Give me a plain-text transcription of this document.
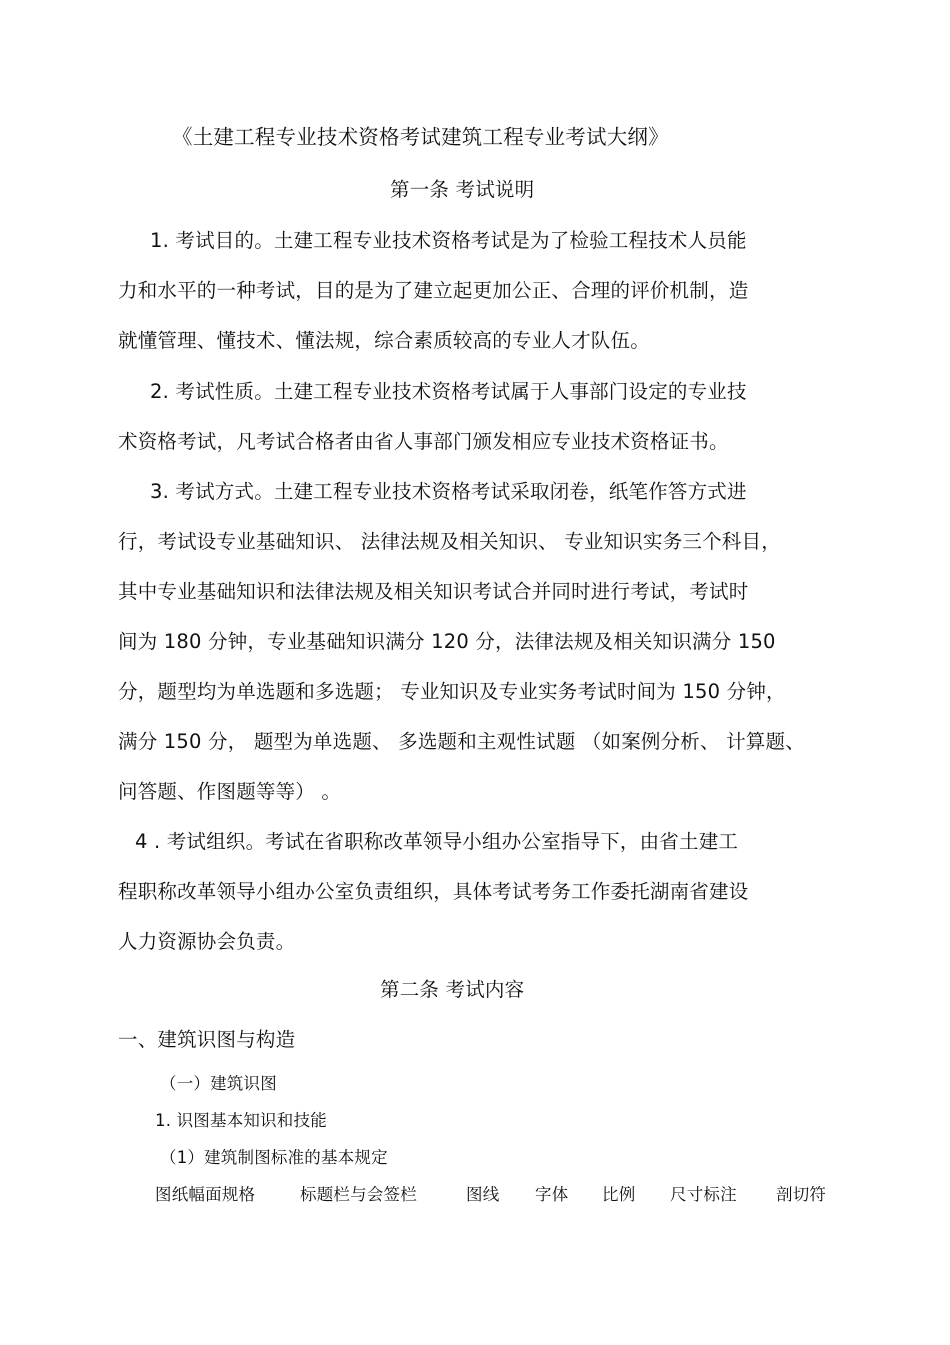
《土建工程专业技术资格考试建筑工程专业考试大纲》
第一条 考试说明
1. 考试目的。土建工程专业技术资格考试是为了检验工程技术人员能
力和水平的一种考试，目的是为了建立起更加公正、合理的评价机制，造
就懂管理、懂技术、懂法规，综合素质较高的专业人才队伍。
2. 考试性质。土建工程专业技术资格考试属于人事部门设定的专业技
术资格考试，凡考试合格者由省人事部门颁发相应专业技术资格证书。
3. 考试方式。土建工程专业技术资格考试采取闭卷，纸笔作答方式进
行，考试设专业基础知识、 法律法规及相关知识、 专业知识实务三个科目，
其中专业基础知识和法律法规及相关知识考试合并同时进行考试，考试时
间为 180 分钟，专业基础知识满分 120 分，法律法规及相关知识满分 150
分，题型均为单选题和多选题； 专业知识及专业实务考试时间为 150 分钟，
满分 150 分， 题型为单选题、 多选题和主观性试题 （如案例分析、 计算题、
问答题、作图题等等） 。
4 . 考试组织。考试在省职称改革领导小组办公室指导下，由省土建工
程职称改革领导小组办公室负责组织，具体考试考务工作委托湖南省建设
人力资源协会负责。
第二条 考试内容
一、建筑识图与构造
（一）建筑识图
1. 识图基本知识和技能
（1）建筑制图标准的基本规定
图纸幅面规格	标题栏与会签栏	图线 字体 比例 尺寸标注 剖切符
